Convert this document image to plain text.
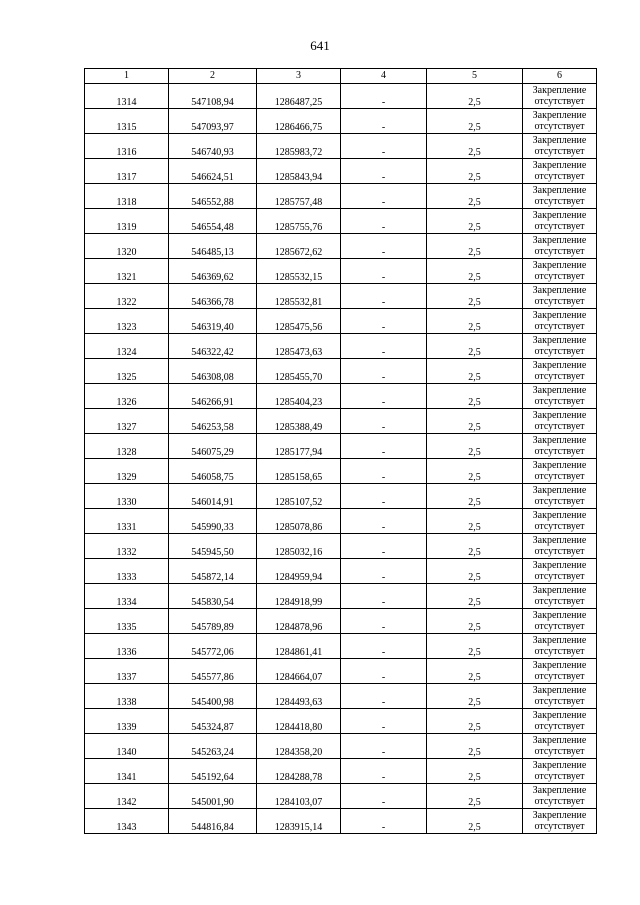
641
1	2	3	4	5	6
1314	547108,94	1286487,25	-	2,5	Закрепление отсутствует
1315	547093,97	1286466,75	-	2,5	Закрепление отсутствует
1316	546740,93	1285983,72	-	2,5	Закрепление отсутствует
1317	546624,51	1285843,94	-	2,5	Закрепление отсутствует
1318	546552,88	1285757,48	-	2,5	Закрепление отсутствует
1319	546554,48	1285755,76	-	2,5	Закрепление отсутствует
1320	546485,13	1285672,62	-	2,5	Закрепление отсутствует
1321	546369,62	1285532,15	-	2,5	Закрепление отсутствует
1322	546366,78	1285532,81	-	2,5	Закрепление отсутствует
1323	546319,40	1285475,56	-	2,5	Закрепление отсутствует
1324	546322,42	1285473,63	-	2,5	Закрепление отсутствует
1325	546308,08	1285455,70	-	2,5	Закрепление отсутствует
1326	546266,91	1285404,23	-	2,5	Закрепление отсутствует
1327	546253,58	1285388,49	-	2,5	Закрепление отсутствует
1328	546075,29	1285177,94	-	2,5	Закрепление отсутствует
1329	546058,75	1285158,65	-	2,5	Закрепление отсутствует
1330	546014,91	1285107,52	-	2,5	Закрепление отсутствует
1331	545990,33	1285078,86	-	2,5	Закрепление отсутствует
1332	545945,50	1285032,16	-	2,5	Закрепление отсутствует
1333	545872,14	1284959,94	-	2,5	Закрепление отсутствует
1334	545830,54	1284918,99	-	2,5	Закрепление отсутствует
1335	545789,89	1284878,96	-	2,5	Закрепление отсутствует
1336	545772,06	1284861,41	-	2,5	Закрепление отсутствует
1337	545577,86	1284664,07	-	2,5	Закрепление отсутствует
1338	545400,98	1284493,63	-	2,5	Закрепление отсутствует
1339	545324,87	1284418,80	-	2,5	Закрепление отсутствует
1340	545263,24	1284358,20	-	2,5	Закрепление отсутствует
1341	545192,64	1284288,78	-	2,5	Закрепление отсутствует
1342	545001,90	1284103,07	-	2,5	Закрепление отсутствует
1343	544816,84	1283915,14	-	2,5	Закрепление отсутствует
